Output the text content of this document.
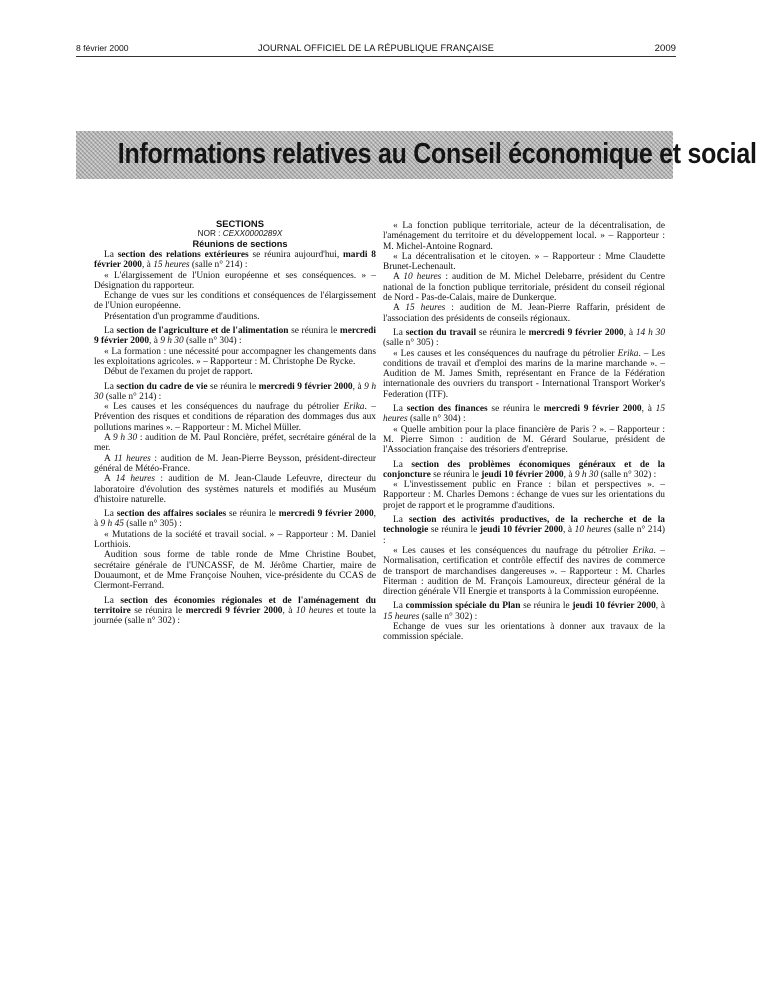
8 février 2000	JOURNAL OFFICIEL DE LA RÉPUBLIQUE FRANÇAISE	2009
Informations relatives au Conseil économique et social

SECTIONS

NOR : CEXX0000289X

Réunions de sections

La section des relations extérieures se réunira aujourd'hui, mardi 8 février 2000, à 15 heures (salle n° 214) :

« L'élargissement de l'Union européenne et ses conséquences. » – Désignation du rapporteur.

Echange de vues sur les conditions et conséquences de l'élargissement de l'Union européenne.

Présentation d'un programme d'auditions.

La section de l'agriculture et de l'alimentation se réunira le mercredi 9 février 2000, à 9 h 30 (salle n° 304) :

« La formation : une nécessité pour accompagner les changements dans les exploitations agricoles. » – Rapporteur : M. Christophe De Rycke.

Début de l'examen du projet de rapport.

La section du cadre de vie se réunira le mercredi 9 février 2000, à 9 h 30 (salle n° 214) :

« Les causes et les conséquences du naufrage du pétrolier Erika. – Prévention des risques et conditions de réparation des dommages dus aux pollutions marines ». – Rapporteur : M. Michel Müller.

A 9 h 30 : audition de M. Paul Roncière, préfet, secrétaire général de la mer.

A 11 heures : audition de M. Jean-Pierre Beysson, président-directeur général de Météo-France.

A 14 heures : audition de M. Jean-Claude Lefeuvre, directeur du laboratoire d'évolution des systèmes naturels et modifiés au Muséum d'histoire naturelle.

La section des affaires sociales se réunira le mercredi 9 février 2000, à 9 h 45 (salle n° 305) :

« Mutations de la société et travail social. » – Rapporteur : M. Daniel Lorthiois.

Audition sous forme de table ronde de Mme Christine Boubet, secrétaire générale de l'UNCASSF, de M. Jérôme Chartier, maire de Douaumont, et de Mme Françoise Nouhen, vice-présidente du CCAS de Clermont-Ferrand.

La section des économies régionales et de l'aménagement du territoire se réunira le mercredi 9 février 2000, à 10 heures et toute la journée (salle n° 302) :

« La fonction publique territoriale, acteur de la décentralisation, de l'aménagement du territoire et du développement local. » – Rapporteur : M. Michel-Antoine Rognard.

« La décentralisation et le citoyen. » – Rapporteur : Mme Claudette Brunet-Lechenault.

A 10 heures : audition de M. Michel Delebarre, président du Centre national de la fonction publique territoriale, président du conseil régional de Nord - Pas-de-Calais, maire de Dunkerque.

A 15 heures : audition de M. Jean-Pierre Raffarin, président de l'association des présidents de conseils régionaux.

La section du travail se réunira le mercredi 9 février 2000, à 14 h 30 (salle n° 305) :

« Les causes et les conséquences du naufrage du pétrolier Erika. – Les conditions de travail et d'emploi des marins de la marine marchande ». – Audition de M. James Smith, représentant en France de la Fédération internationale des ouvriers du transport - International Transport Worker's Federation (ITF).

La section des finances se réunira le mercredi 9 février 2000, à 15 heures (salle n° 304) :

« Quelle ambition pour la place financière de Paris ? ». – Rapporteur : M. Pierre Simon : audition de M. Gérard Soularue, président de l'Association française des trésoriers d'entreprise.

La section des problèmes économiques généraux et de la conjoncture se réunira le jeudi 10 février 2000, à 9 h 30 (salle n° 302) :

« L'investissement public en France : bilan et perspectives ». – Rapporteur : M. Charles Demons : échange de vues sur les orientations du projet de rapport et le programme d'auditions.

La section des activités productives, de la recherche et de la technologie se réunira le jeudi 10 février 2000, à 10 heures (salle n° 214) :

« Les causes et les conséquences du naufrage du pétrolier Erika. – Normalisation, certification et contrôle effectif des navires de commerce de transport de marchandises dangereuses ». – Rapporteur : M. Charles Fiterman : audition de M. François Lamoureux, directeur général de la direction générale VII Energie et transports à la Commission européenne.

La commission spéciale du Plan se réunira le jeudi 10 février 2000, à 15 heures (salle n° 302) :

Echange de vues sur les orientations à donner aux travaux de la commission spéciale.
